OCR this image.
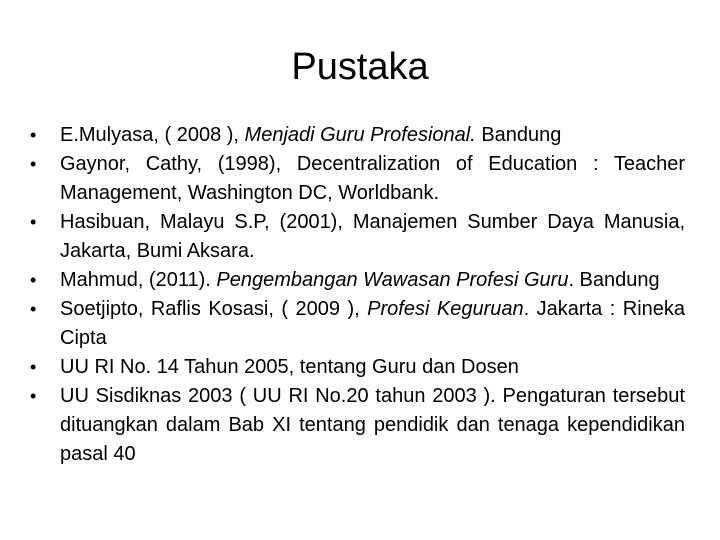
Pustaka
•	E.Mulyasa, ( 2008 ), Menjadi Guru Profesional. Bandung
•	Gaynor, Cathy, (1998), Decentralization of Education : Teacher Management, Washington DC, Worldbank.
•	Hasibuan, Malayu S.P, (2001), Manajemen Sumber Daya Manusia, Jakarta, Bumi Aksara.
•	Mahmud, (2011). Pengembangan Wawasan Profesi Guru. Bandung
•	Soetjipto, Raflis Kosasi, ( 2009 ), Profesi Keguruan. Jakarta : Rineka Cipta
•	UU RI No. 14 Tahun 2005, tentang Guru dan Dosen
•	UU Sisdiknas 2003 ( UU RI No.20 tahun 2003 ). Pengaturan tersebut dituangkan dalam Bab XI tentang pendidik dan tenaga kependidikan pasal 40
